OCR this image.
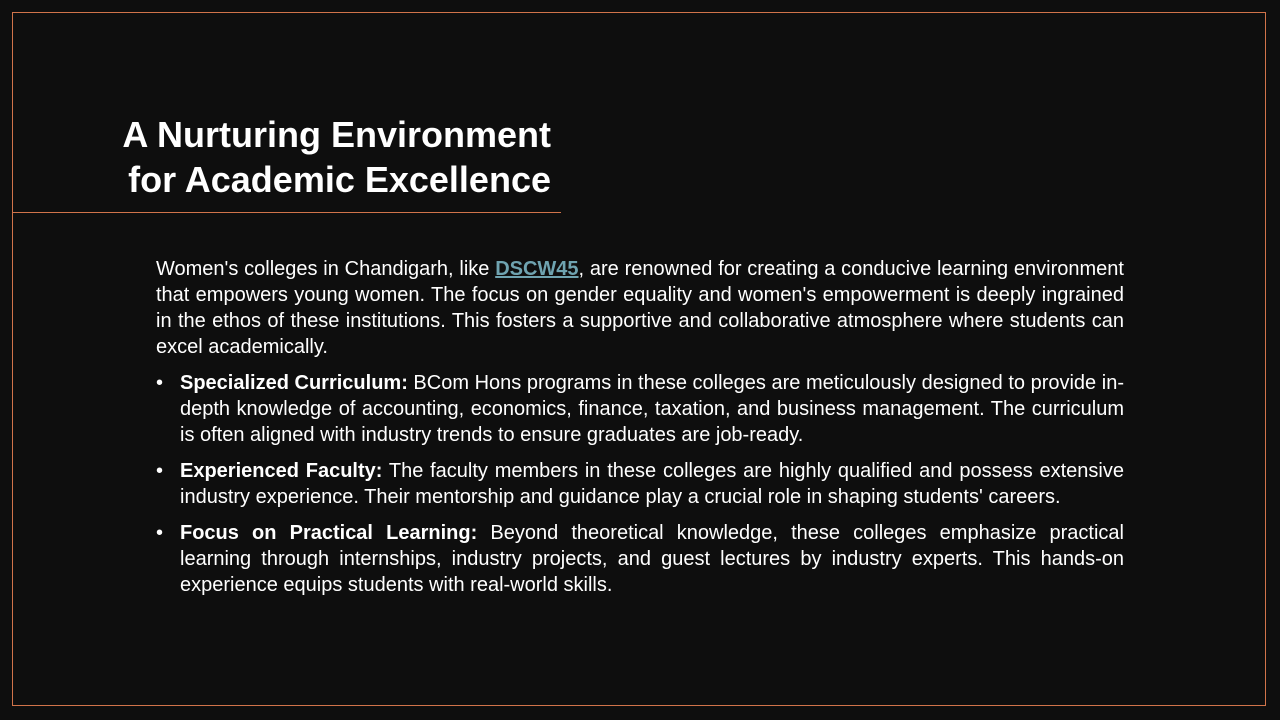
A Nurturing Environment
for Academic Excellence

Women's colleges in Chandigarh, like DSCW45, are renowned for creating a conducive learning environment that empowers young women. The focus on gender equality and women's empowerment is deeply ingrained in the ethos of these institutions. This fosters a supportive and collaborative atmosphere where students can excel academically.

• Specialized Curriculum: BCom Hons programs in these colleges are meticulously designed to provide in-depth knowledge of accounting, economics, finance, taxation, and business management. The curriculum is often aligned with industry trends to ensure graduates are job-ready.
• Experienced Faculty: The faculty members in these colleges are highly qualified and possess extensive industry experience. Their mentorship and guidance play a crucial role in shaping students' careers.
• Focus on Practical Learning: Beyond theoretical knowledge, these colleges emphasize practical learning through internships, industry projects, and guest lectures by industry experts. This hands-on experience equips students with real-world skills.
